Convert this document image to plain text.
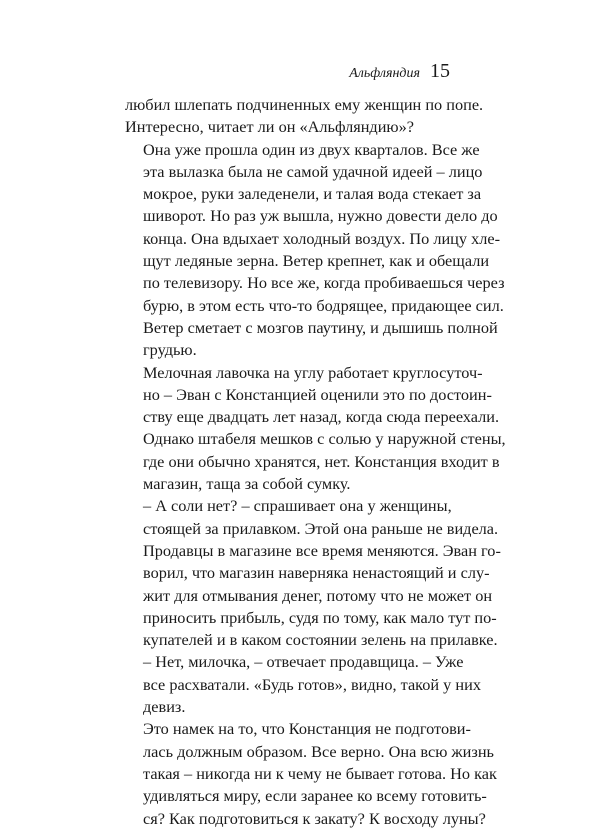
Альфляндия 15

любил шлепать подчиненных ему женщин по попе.
Интересно, читает ли он «Альфляндию»?

Она уже прошла один из двух кварталов. Все же
эта вылазка была не самой удачной идеей – лицо
мокрое, руки заледенели, и талая вода стекает за
шиворот. Но раз уж вышла, нужно довести дело до
конца. Она вдыхает холодный воздух. По лицу хле-
щут ледяные зерна. Ветер крепнет, как и обещали
по телевизору. Но все же, когда пробиваешься через
бурю, в этом есть что-то бодрящее, придающее сил.
Ветер сметает с мозгов паутину, и дышишь полной
грудью.

Мелочная лавочка на углу работает круглосуточ-
но – Эван с Констанцией оценили это по достоин-
ству еще двадцать лет назад, когда сюда переехали.
Однако штабеля мешков с солью у наружной стены,
где они обычно хранятся, нет. Констанция входит в
магазин, таща за собой сумку.

– А соли нет? – спрашивает она у женщины,
стоящей за прилавком. Этой она раньше не видела.
Продавцы в магазине все время меняются. Эван го-
ворил, что магазин наверняка ненастоящий и слу-
жит для отмывания денег, потому что не может он
приносить прибыль, судя по тому, как мало тут по-
купателей и в каком состоянии зелень на прилавке.

– Нет, милочка, – отвечает продавщица. – Уже
все расхватали. «Будь готов», видно, такой у них
девиз.

Это намек на то, что Констанция не подготови-
лась должным образом. Все верно. Она всю жизнь
такая – никогда ни к чему не бывает готова. Но как
удивляться миру, если заранее ко всему готовить-
ся? Как подготовиться к закату? К восходу луны?
